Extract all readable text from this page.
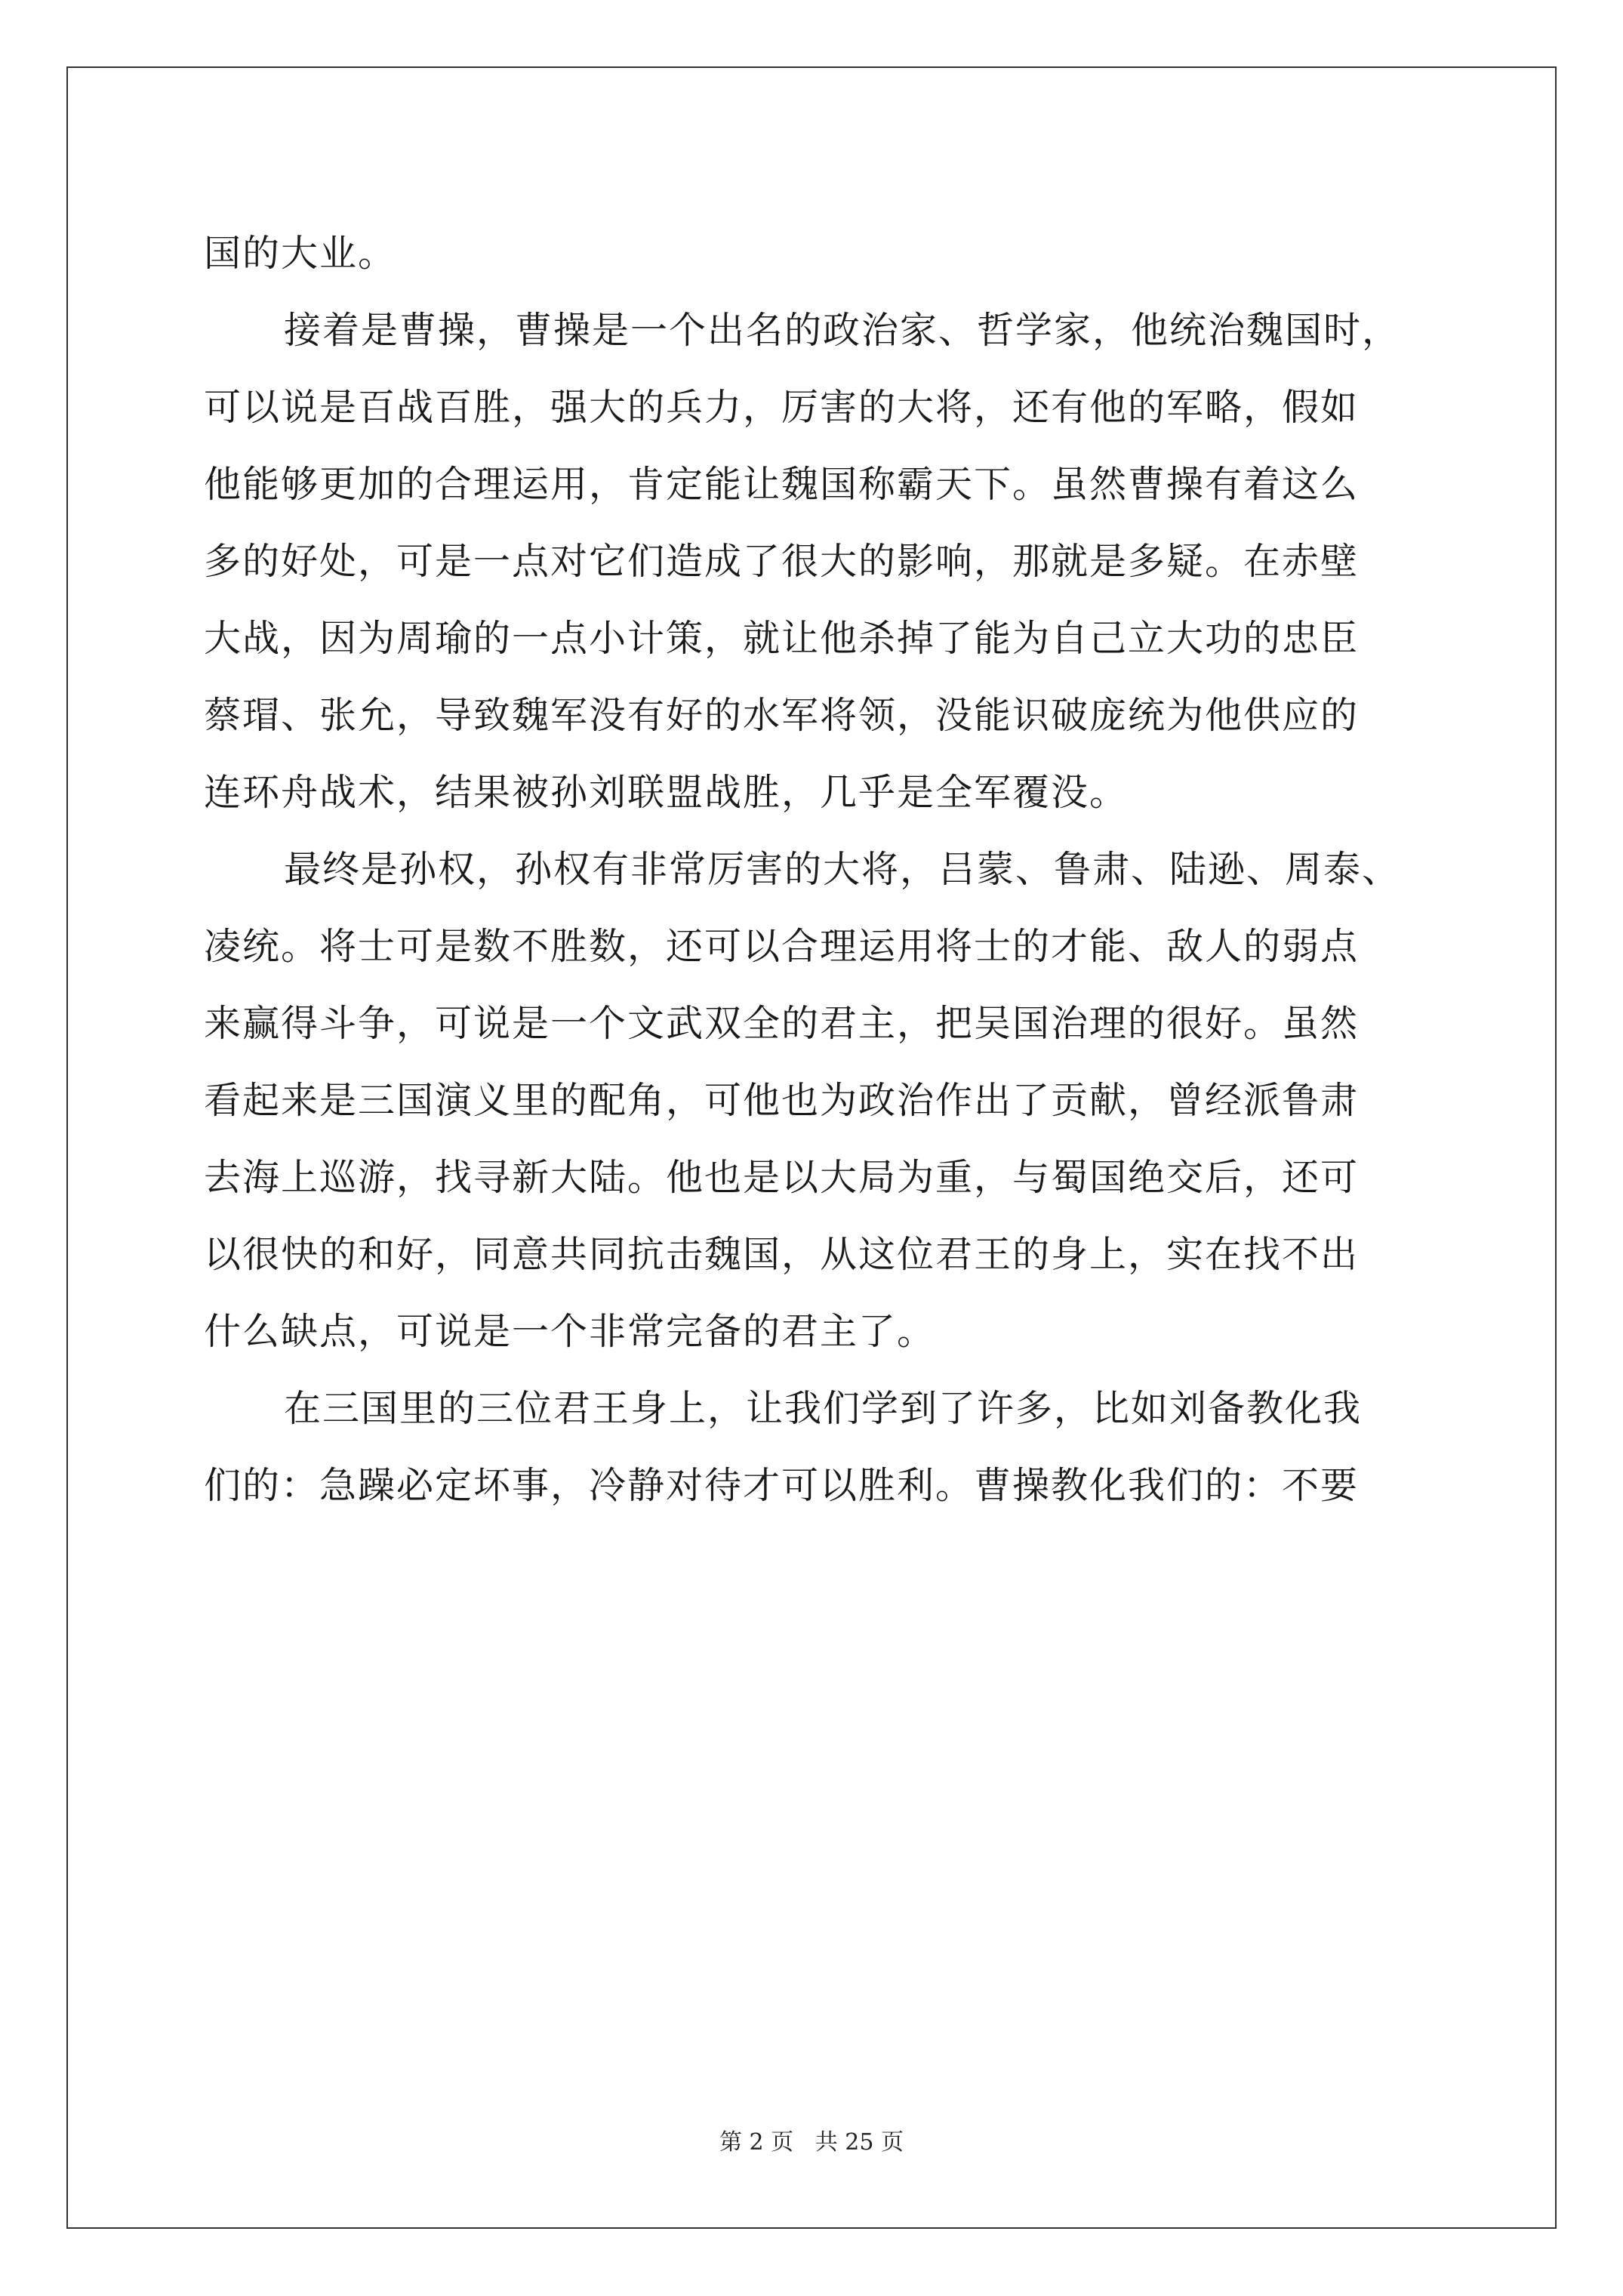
国的大业。
接着是曹操，曹操是一个出名的政治家、哲学家，他统治魏国时，
可以说是百战百胜，强大的兵力，厉害的大将，还有他的军略，假如
他能够更加的合理运用，肯定能让魏国称霸天下。虽然曹操有着这么
多的好处，可是一点对它们造成了很大的影响，那就是多疑。在赤壁
大战，因为周瑜的一点小计策，就让他杀掉了能为自己立大功的忠臣
蔡瑁、张允，导致魏军没有好的水军将领，没能识破庞统为他供应的
连环舟战术，结果被孙刘联盟战胜，几乎是全军覆没。
最终是孙权，孙权有非常厉害的大将，吕蒙、鲁肃、陆逊、周泰、
凌统。将士可是数不胜数，还可以合理运用将士的才能、敌人的弱点
来赢得斗争，可说是一个文武双全的君主，把吴国治理的很好。虽然
看起来是三国演义里的配角，可他也为政治作出了贡献，曾经派鲁肃
去海上巡游，找寻新大陆。他也是以大局为重，与蜀国绝交后，还可
以很快的和好，同意共同抗击魏国，从这位君王的身上，实在找不出
什么缺点，可说是一个非常完备的君主了。
在三国里的三位君王身上，让我们学到了许多，比如刘备教化我
们的：急躁必定坏事，冷静对待才可以胜利。曹操教化我们的：不要
第 2 页   共 25 页
